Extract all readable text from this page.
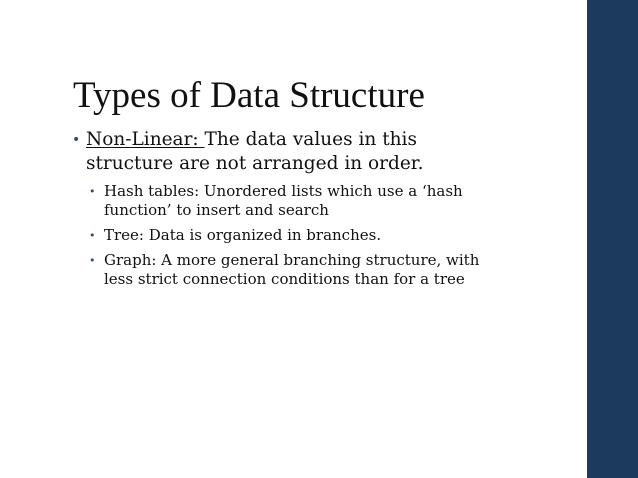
Types of Data Structure
• Non-Linear: The data values in this
structure are not arranged in order.
• Hash tables: Unordered lists which use a ‘hash
function’ to insert and search
• Tree: Data is organized in branches.
• Graph: A more general branching structure, with
less strict connection conditions than for a tree
